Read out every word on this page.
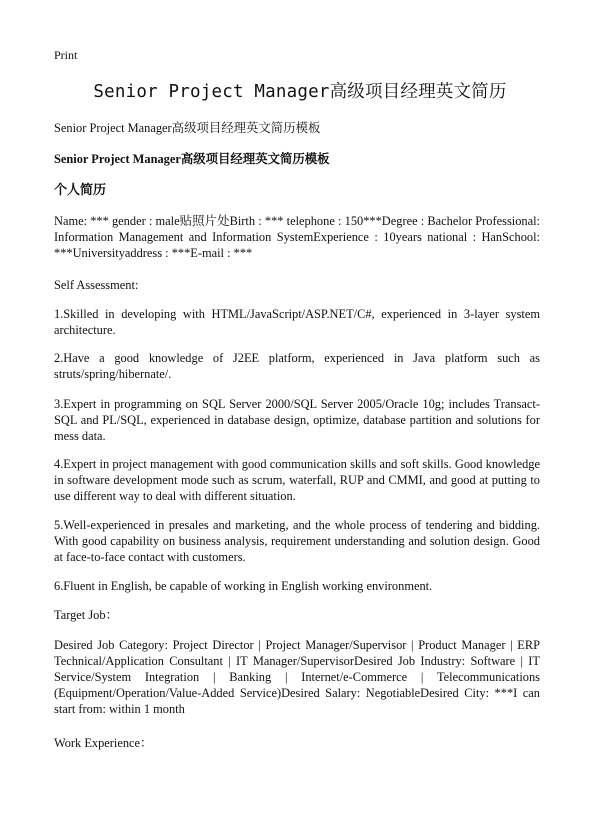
Print
Senior Project Manager高级项目经理英文简历
Senior Project Manager高级项目经理英文简历模板
Senior Project Manager高级项目经理英文简历模板
个人简历
Name: *** gender : male贴照片处Birth : *** telephone : 150***Degree : Bachelor Professional: Information Management and Information SystemExperience : 10years national : HanSchool: ***Universityaddress : ***E-mail : ***
Self Assessment:
1.Skilled in developing with HTML/JavaScript/ASP.NET/C#, experienced in 3-layer system architecture.
2.Have a good knowledge of J2EE platform, experienced in Java platform such as struts/spring/hibernate/.
3.Expert in programming on SQL Server 2000/SQL Server 2005/Oracle 10g; includes Transact-SQL and PL/SQL, experienced in database design, optimize, database partition and solutions for mess data.
4.Expert in project management with good communication skills and soft skills. Good knowledge in software development mode such as scrum, waterfall, RUP and CMMI, and good at putting to use different way to deal with different situation.
5.Well-experienced in presales and marketing, and the whole process of tendering and bidding. With good capability on business analysis, requirement understanding and solution design. Good at face-to-face contact with customers.
6.Fluent in English, be capable of working in English working environment.
Target Job：
Desired Job Category: Project Director | Project Manager/Supervisor | Product Manager | ERP Technical/Application Consultant | IT Manager/SupervisorDesired Job Industry: Software | IT Service/System Integration | Banking | Internet/e-Commerce | Telecommunications (Equipment/Operation/Value-Added Service)Desired Salary: NegotiableDesired City: ***I can start from: within 1 month
Work Experience：
